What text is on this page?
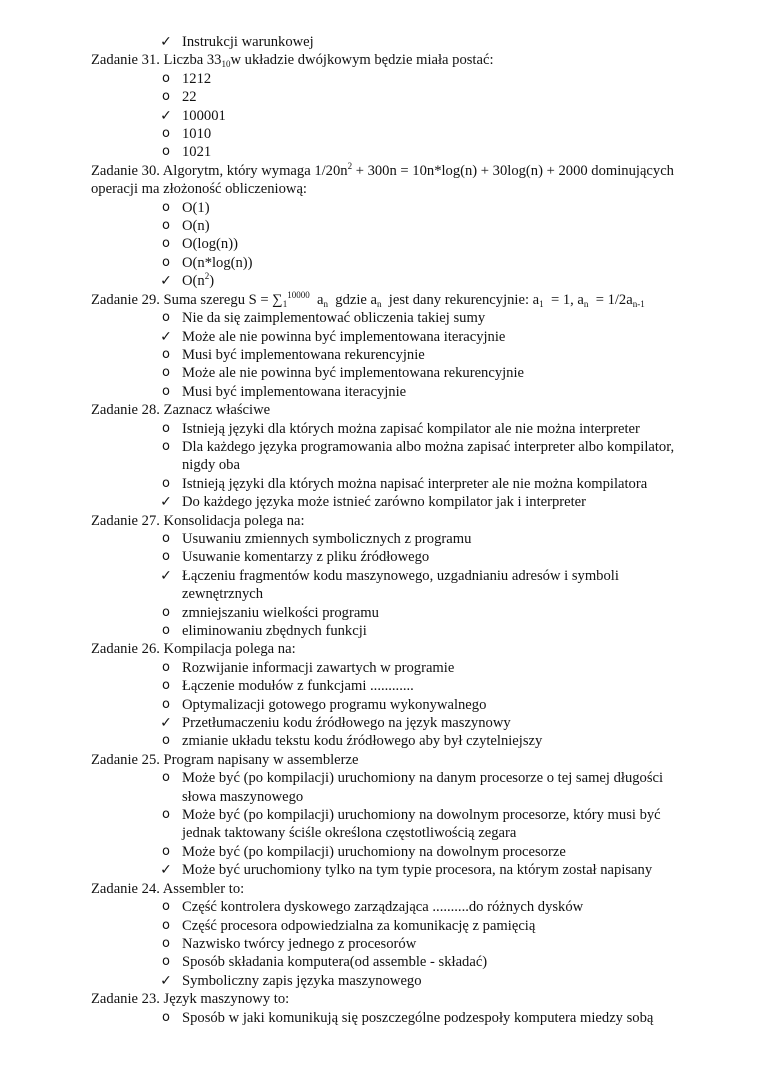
✓ Instrukcji warunkowej
Zadanie 31. Liczba $33_{10}w$ układzie dwójkowym będzie miała postać:
o 1212
o 22
✓ 100001
o 1010
o 1021
Zadanie 30. Algorytm, który wymaga $1/20n^2 + 300n = 10n*\log(n) + 30\log(n) + 2000$ dominujących operacji ma złożoność obliczeniową:
o O(1)
o O(n)
o O(log(n))
o O(n*log(n))
✓ $O(n^2)$
Zadanie 29. Suma szeregu $S = \sum_1^{10000}$ $a_n$ gdzie $a_n$ jest dany rekurencyjnie: $a_1 = 1$, $a_n = 1/2a_{n-1}$
o Nie da się zaimplementować obliczenia takiej sumy
✓ Może ale nie powinna być implementowana iteracyjnie
o Musi być implementowana rekurencyjnie
o Może ale nie powinna być implementowana rekurencyjnie
o Musi być implementowana iteracyjnie
Zadanie 28. Zaznacz właściwe
o Istnieją języki dla których można zapisać kompilator ale nie można interpreter
o Dla każdego języka programowania albo można zapisać interpreter albo kompilator, nigdy oba
o Istnieją języki dla których można napisać interpreter ale nie można kompilatora
✓ Do każdego języka może istnieć zarówno kompilator jak i interpreter
Zadanie 27. Konsolidacja polega na:
o Usuwaniu zmiennych symbolicznych z programu
o Usuwanie komentarzy z pliku źródłowego
✓ Łączeniu fragmentów kodu maszynowego, uzgadnianiu adresów i symboli zewnętrznych
o zmniejszaniu wielkości programu
o eliminowaniu zbędnych funkcji
Zadanie 26. Kompilacja polega na:
o Rozwijanie informacji zawartych w programie
o Łączenie modułów z funkcjami ............
o Optymalizacji gotowego programu wykonywalnego
✓ Przetłumaczeniu kodu źródłowego na język maszynowy
o zmianie układu tekstu kodu źródłowego aby był czytelniejszy
Zadanie 25. Program napisany w assemblerze
o Może być (po kompilacji) uruchomiony na danym procesorze o tej samej długości słowa maszynowego
o Może być (po kompilacji) uruchomiony na dowolnym procesorze, który musi być jednak taktowany ściśle określona częstotliwością zegara
o Może być (po kompilacji) uruchomiony na dowolnym procesorze
✓ Może być uruchomiony tylko na tym typie procesora, na którym został napisany
Zadanie 24. Assembler to:
o Część kontrolera dyskowego zarządzająca ..........do różnych dysków
o Część procesora odpowiedzialna za komunikację z pamięcią
o Nazwisko twórcy jednego z procesorów
o Sposób składania komputera(od assemble - składać)
✓ Symboliczny zapis języka maszynowego
Zadanie 23. Język maszynowy to:
o Sposób w jaki komunikują się poszczególne podzespoły komputera miedzy sobą
